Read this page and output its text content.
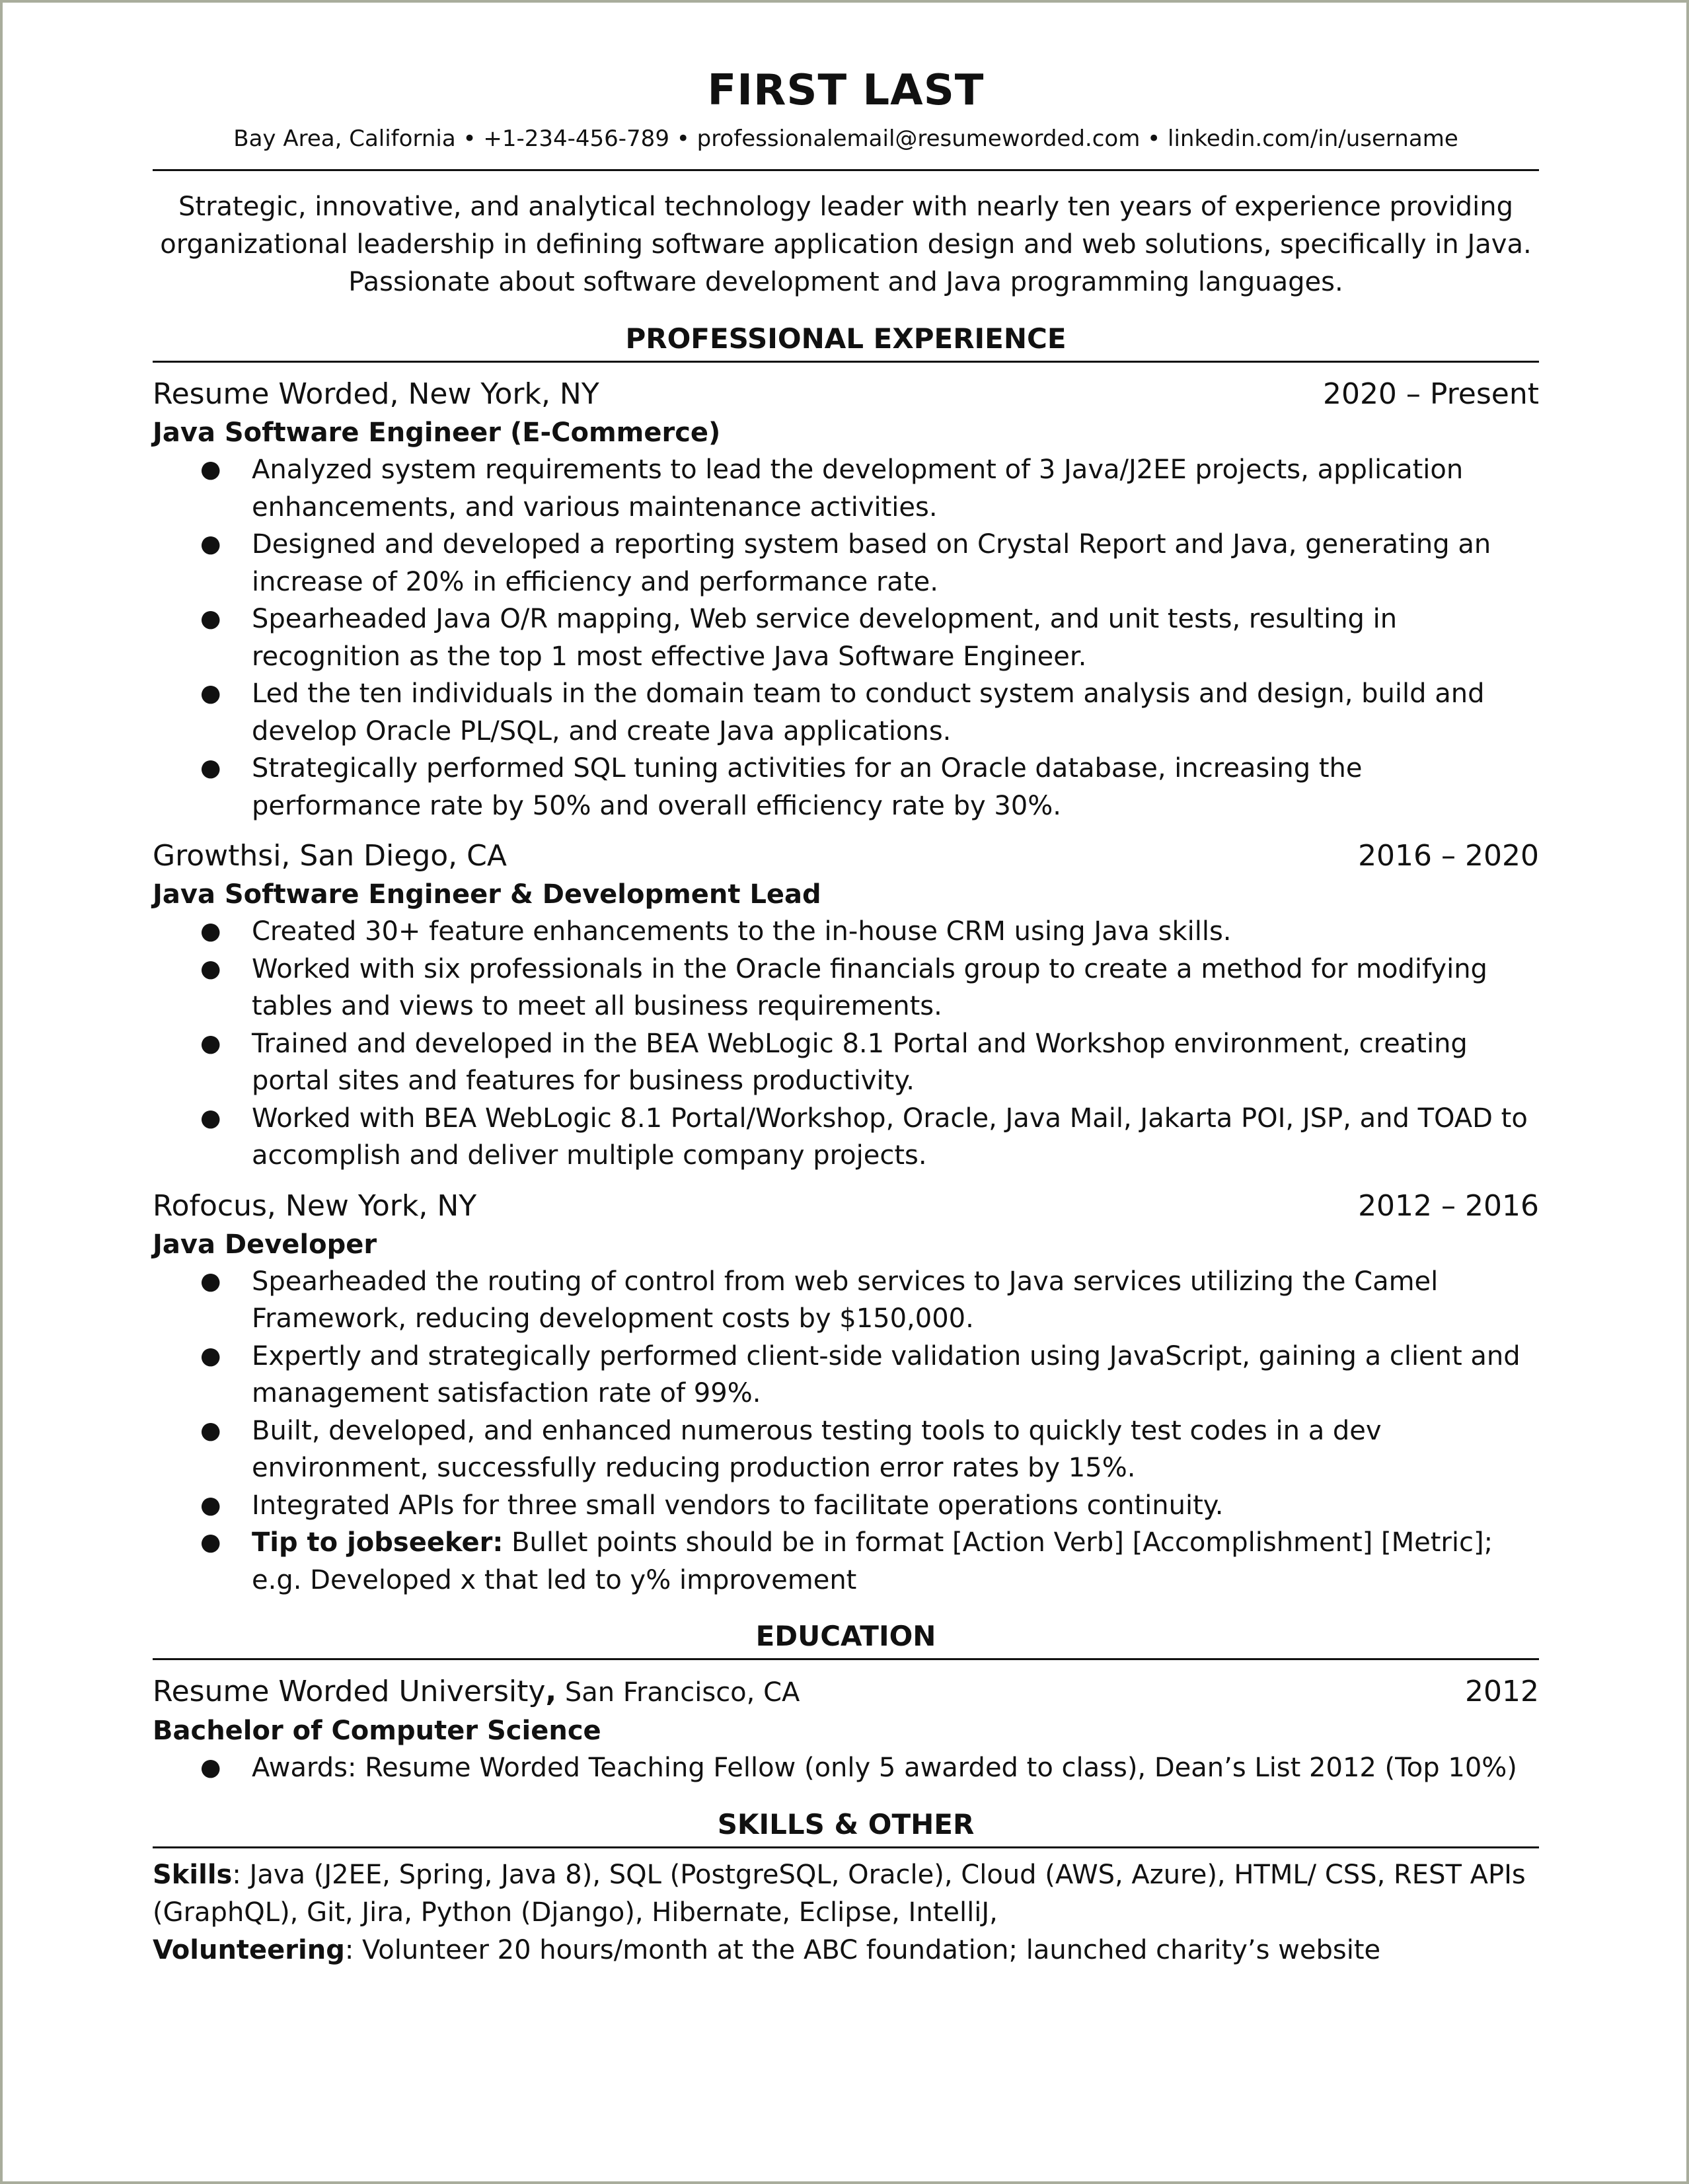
FIRST LAST
Bay Area, California • +1-234-456-789 • professionalemail@resumeworded.com • linkedin.com/in/username
Strategic, innovative, and analytical technology leader with nearly ten years of experience providing organizational leadership in defining software application design and web solutions, specifically in Java. Passionate about software development and Java programming languages.
PROFESSIONAL EXPERIENCE
Resume Worded, New York, NY	2020 – Present
Java Software Engineer (E-Commerce)
● Analyzed system requirements to lead the development of 3 Java/J2EE projects, application enhancements, and various maintenance activities.
● Designed and developed a reporting system based on Crystal Report and Java, generating an increase of 20% in efficiency and performance rate.
● Spearheaded Java O/R mapping, Web service development, and unit tests, resulting in recognition as the top 1 most effective Java Software Engineer.
● Led the ten individuals in the domain team to conduct system analysis and design, build and develop Oracle PL/SQL, and create Java applications.
● Strategically performed SQL tuning activities for an Oracle database, increasing the performance rate by 50% and overall efficiency rate by 30%.
Growthsi, San Diego, CA	2016 – 2020
Java Software Engineer & Development Lead
● Created 30+ feature enhancements to the in-house CRM using Java skills.
● Worked with six professionals in the Oracle financials group to create a method for modifying tables and views to meet all business requirements.
● Trained and developed in the BEA WebLogic 8.1 Portal and Workshop environment, creating portal sites and features for business productivity.
● Worked with BEA WebLogic 8.1 Portal/Workshop, Oracle, Java Mail, Jakarta POI, JSP, and TOAD to accomplish and deliver multiple company projects.
Rofocus, New York, NY	2012 – 2016
Java Developer
● Spearheaded the routing of control from web services to Java services utilizing the Camel Framework, reducing development costs by $150,000.
● Expertly and strategically performed client-side validation using JavaScript, gaining a client and management satisfaction rate of 99%.
● Built, developed, and enhanced numerous testing tools to quickly test codes in a dev environment, successfully reducing production error rates by 15%.
● Integrated APIs for three small vendors to facilitate operations continuity.
● Tip to jobseeker: Bullet points should be in format [Action Verb] [Accomplishment] [Metric]; e.g. Developed x that led to y% improvement
EDUCATION
Resume Worded University, San Francisco, CA	2012
Bachelor of Computer Science
● Awards: Resume Worded Teaching Fellow (only 5 awarded to class), Dean’s List 2012 (Top 10%)
SKILLS & OTHER

Skills: Java (J2EE, Spring, Java 8), SQL (PostgreSQL, Oracle), Cloud (AWS, Azure), HTML/ CSS, REST APIs (GraphQL), Git, Jira, Python (Django), Hibernate, Eclipse, IntelliJ,

Volunteering: Volunteer 20 hours/month at the ABC foundation; launched charity’s website
